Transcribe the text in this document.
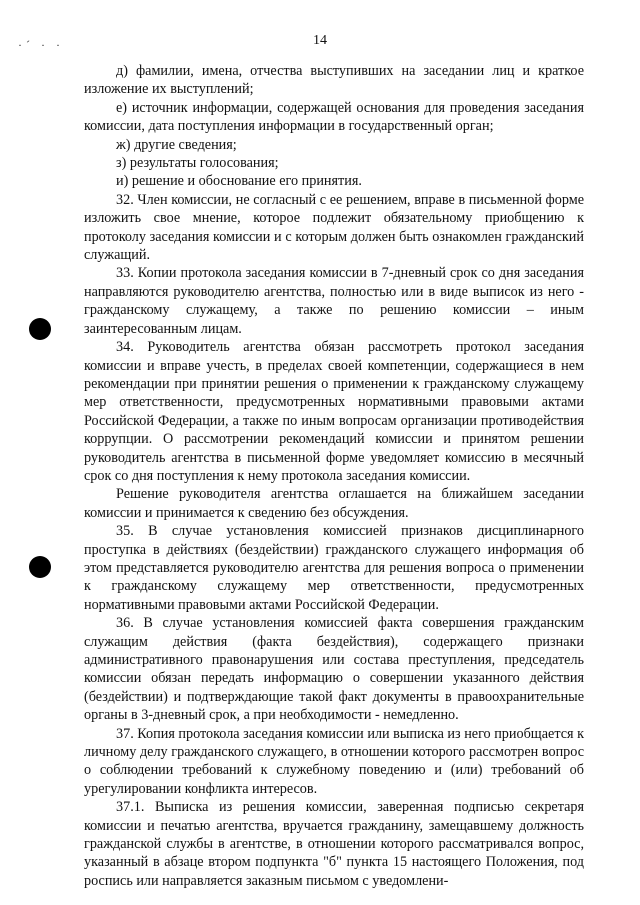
·´ · ·	14

д) фамилии, имена, отчества выступивших на заседании лиц и краткое изложение их выступлений;

е) источник информации, содержащей основания для проведения заседания комиссии, дата поступления информации в государственный орган;

ж) другие сведения;

з) результаты голосования;

и) решение и обоснование его принятия.

32. Член комиссии, не согласный с ее решением, вправе в письменной форме изложить свое мнение, которое подлежит обязательному приобщению к протоколу заседания комиссии и с которым должен быть ознакомлен гражданский служащий.

33. Копии протокола заседания комиссии в 7-дневный срок со дня заседания направляются руководителю агентства, полностью или в виде выписок из него - гражданскому служащему, а также по решению комиссии – иным заинтересованным лицам.

34. Руководитель агентства обязан рассмотреть протокол заседания комиссии и вправе учесть, в пределах своей компетенции, содержащиеся в нем рекомендации при принятии решения о применении к гражданскому служащему мер ответственности, предусмотренных нормативными правовыми актами Российской Федерации, а также по иным вопросам организации противодействия коррупции. О рассмотрении рекомендаций комиссии и принятом решении руководитель агентства в письменной форме уведомляет комиссию в месячный срок со дня поступления к нему протокола заседания комиссии.

Решение руководителя агентства оглашается на ближайшем заседании комиссии и принимается к сведению без обсуждения.

35. В случае установления комиссией признаков дисциплинарного проступка в действиях (бездействии) гражданского служащего информация об этом представляется руководителю агентства для решения вопроса о применении к гражданскому служащему мер ответственности, предусмотренных нормативными правовыми актами Российской Федерации.

36. В случае установления комиссией факта совершения гражданским служащим действия (факта бездействия), содержащего признаки административного правонарушения или состава преступления, председатель комиссии обязан передать информацию о совершении указанного действия (бездействии) и подтверждающие такой факт документы в правоохранительные органы в 3-дневный срок, а при необходимости - немедленно.

37. Копия протокола заседания комиссии или выписка из него приобщается к личному делу гражданского служащего, в отношении которого рассмотрен вопрос о соблюдении требований к служебному поведению и (или) требований об урегулировании конфликта интересов.

37.1. Выписка из решения комиссии, заверенная подписью секретаря комиссии и печатью агентства, вручается гражданину, замещавшему должность гражданской службы в агентстве, в отношении которого рассматривался вопрос, указанный в абзаце втором подпункта "б" пункта 15 настоящего Положения, под роспись или направляется заказным письмом с уведомлени-
